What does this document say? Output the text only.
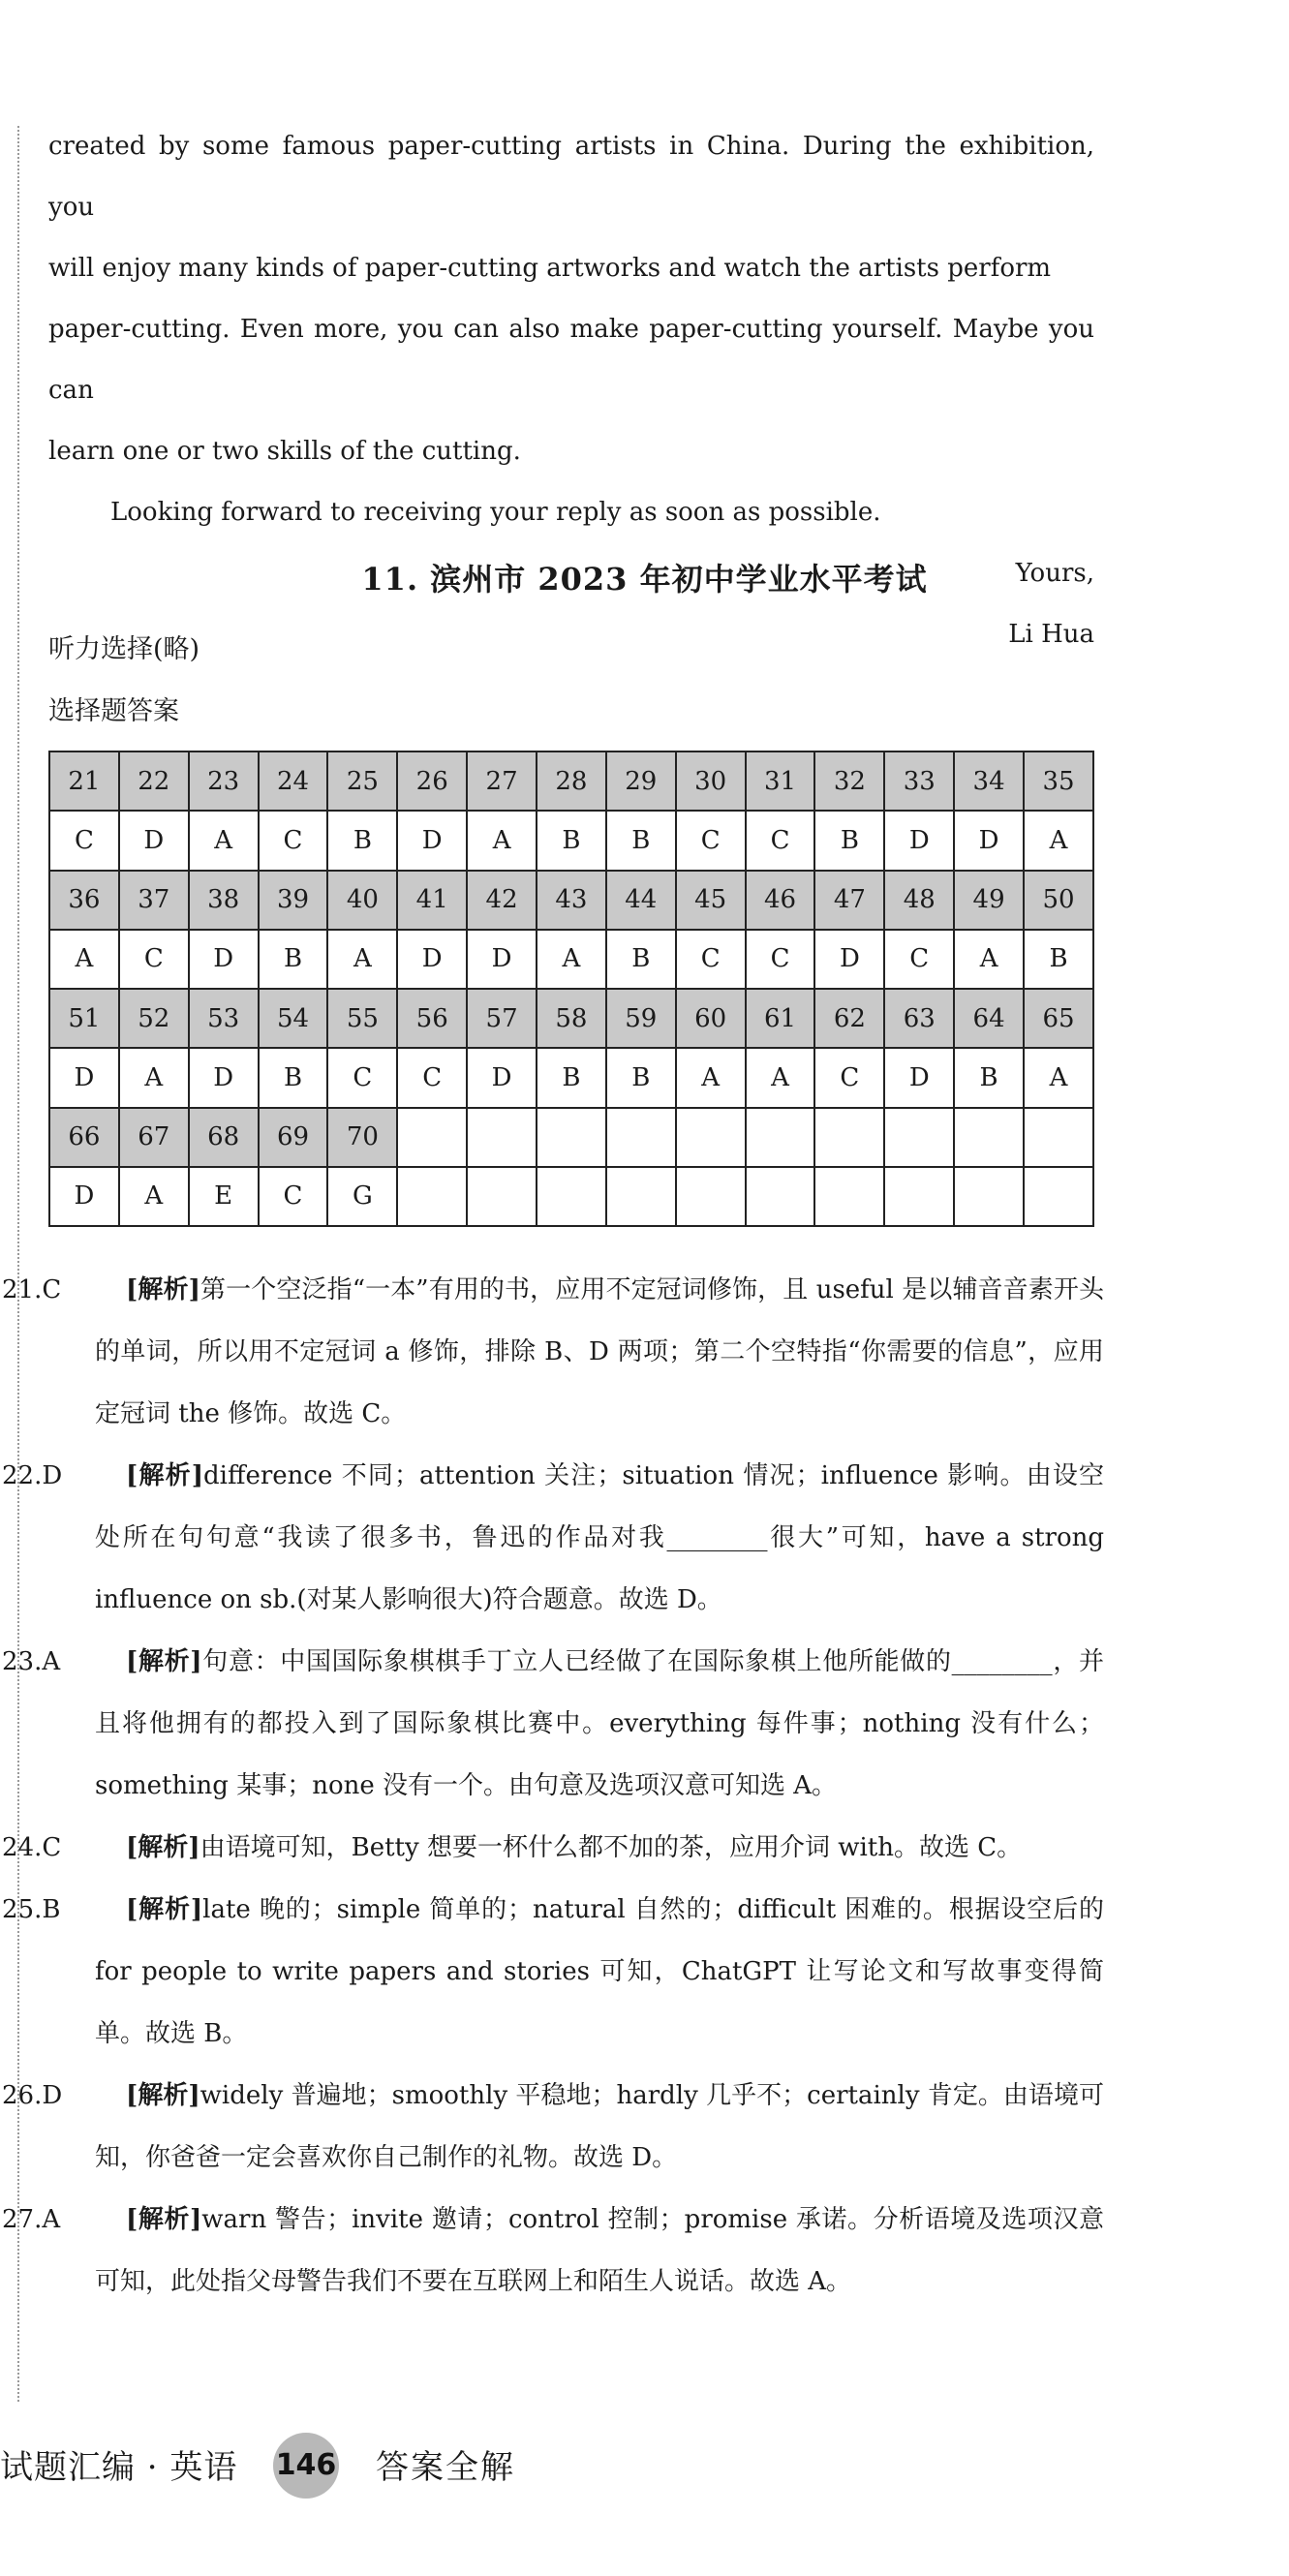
created by some famous paper-cutting artists in China. During the exhibition, you

will enjoy many kinds of paper-cutting artworks and watch the artists perform

paper-cutting. Even more, you can also make paper-cutting yourself. Maybe you can

learn one or two skills of the cutting.

Looking forward to receiving your reply as soon as possible.

Yours,

Li Hua

11. 滨州市 2023 年初中学业水平考试
听力选择(略)
选择题答案
21	22	23	24	25	26	27	28	29	30	31	32	33	34	35
C	D	A	C	B	D	A	B	B	C	C	B	D	D	A
36	37	38	39	40	41	42	43	44	45	46	47	48	49	50
A	C	D	B	A	D	D	A	B	C	C	D	C	A	B
51	52	53	54	55	56	57	58	59	60	61	62	63	64	65
D	A	D	B	C	C	D	B	B	A	A	C	D	B	A
66	67	68	69	70										
D	A	E	C	G										
21.C	[解析]第一个空泛指“一本”有用的书，应用不定冠词修饰，且 useful 是以辅音音素开头的单词，所以用不定冠词 a 修饰，排除 B、D 两项；第二个空特指“你需要的信息”，应用定冠词 the 修饰。故选 C。
22.D	[解析]difference 不同；attention 关注；situation 情况；influence 影响。由设空处所在句句意“我读了很多书，鲁迅的作品对我________很大”可知，have a strong influence on sb.(对某人影响很大)符合题意。故选 D。
23.A	[解析]句意：中国国际象棋棋手丁立人已经做了在国际象棋上他所能做的________，并且将他拥有的都投入到了国际象棋比赛中。everything 每件事；nothing 没有什么；something 某事；none 没有一个。由句意及选项汉意可知选 A。
24.C	[解析]由语境可知，Betty 想要一杯什么都不加的茶，应用介词 with。故选 C。
25.B	[解析]late 晚的；simple 简单的；natural 自然的；difficult 困难的。根据设空后的 for people to write papers and stories 可知，ChatGPT 让写论文和写故事变得简单。故选 B。
26.D	[解析]widely 普遍地；smoothly 平稳地；hardly 几乎不；certainly 肯定。由语境可知，你爸爸一定会喜欢你自己制作的礼物。故选 D。
27.A	[解析]warn 警告；invite 邀请；control 控制；promise 承诺。分析语境及选项汉意可知，此处指父母警告我们不要在互联网上和陌生人说话。故选 A。
试题汇编 · 英语 146 答案全解
